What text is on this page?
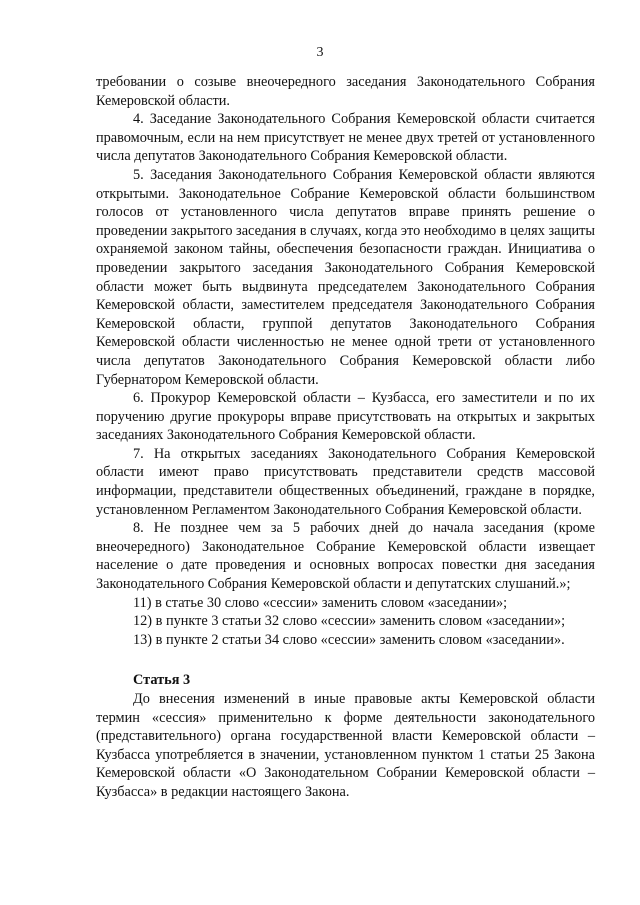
3

требовании о созыве внеочередного заседания Законодательного Собрания Кемеровской области.

4. Заседание Законодательного Собрания Кемеровской области считается правомочным, если на нем присутствует не менее двух третей от установленного числа депутатов Законодательного Собрания Кемеровской области.

5. Заседания Законодательного Собрания Кемеровской области являются открытыми. Законодательное Собрание Кемеровской области большинством голосов от установленного числа депутатов вправе принять решение о проведении закрытого заседания в случаях, когда это необходимо в целях защиты охраняемой законом тайны, обеспечения безопасности граждан. Инициатива о проведении закрытого заседания Законодательного Собрания Кемеровской области может быть выдвинута председателем Законодательного Собрания Кемеровской области, заместителем председателя Законодательного Собрания Кемеровской области, группой депутатов Законодательного Собрания Кемеровской области численностью не менее одной трети от установленного числа депутатов Законодательного Собрания Кемеровской области либо Губернатором Кемеровской области.

6. Прокурор Кемеровской области – Кузбасса, его заместители и по их поручению другие прокуроры вправе присутствовать на открытых и закрытых заседаниях Законодательного Собрания Кемеровской области.

7. На открытых заседаниях Законодательного Собрания Кемеровской области имеют право присутствовать представители средств массовой информации, представители общественных объединений, граждане в порядке, установленном Регламентом Законодательного Собрания Кемеровской области.

8. Не позднее чем за 5 рабочих дней до начала заседания (кроме внеочередного) Законодательное Собрание Кемеровской области извещает население о дате проведения и основных вопросах повестки дня заседания Законодательного Собрания Кемеровской области и депутатских слушаний.»;

11) в статье 30 слово «сессии» заменить словом «заседании»;

12) в пункте 3 статьи 32 слово «сессии» заменить словом «заседании»;

13) в пункте 2 статьи 34 слово «сессии» заменить словом «заседании».

Статья 3

До внесения изменений в иные правовые акты Кемеровской области термин «сессия» применительно к форме деятельности законодательного (представительного) органа государственной власти Кемеровской области – Кузбасса употребляется в значении, установленном пунктом 1 статьи 25 Закона Кемеровской области «О Законодательном Собрании Кемеровской области – Кузбасса» в редакции настоящего Закона.
